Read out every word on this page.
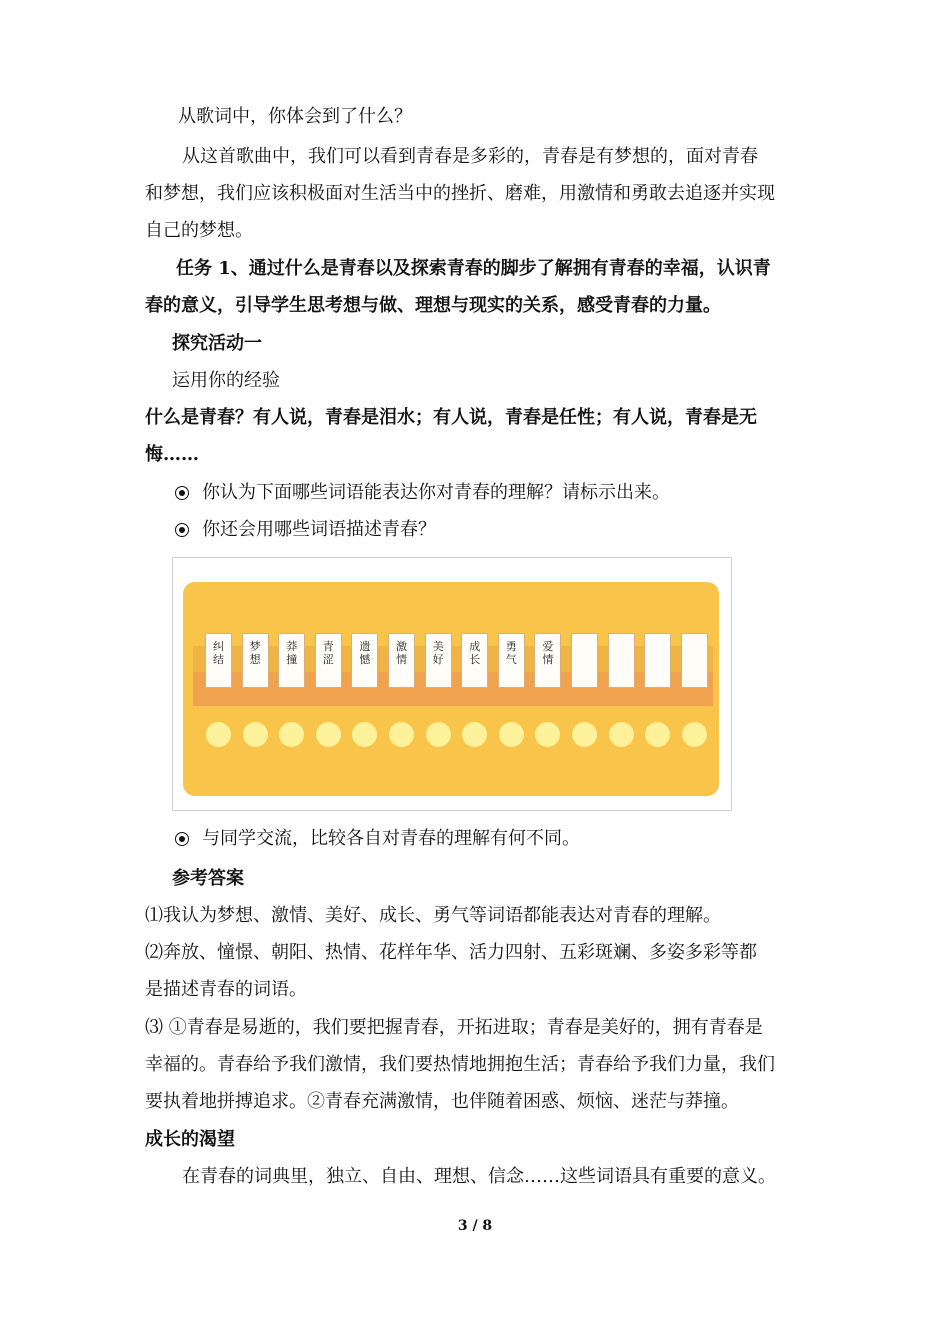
从歌词中，你体会到了什么？
从这首歌曲中，我们可以看到青春是多彩的，青春是有梦想的，面对青春
和梦想，我们应该积极面对生活当中的挫折、磨难，用激情和勇敢去追逐并实现
自己的梦想。
任务 1、通过什么是青春以及探索青春的脚步了解拥有青春的幸福，认识青
春的意义，引导学生思考想与做、理想与现实的关系，感受青春的力量。
探究活动一
运用你的经验
什么是青春？有人说，青春是泪水；有人说，青春是任性；有人说，青春是无
悔……
你认为下面哪些词语能表达你对青春的理解？请标示出来。
你还会用哪些词语描述青春？
纠
结
梦
想
莽
撞
青
涩
遗
憾
激
情
美
好
成
长
勇
气
爱
情
与同学交流，比较各自对青春的理解有何不同。
参考答案
⑴我认为梦想、激情、美好、成长、勇气等词语都能表达对青春的理解。
⑵奔放、憧憬、朝阳、热情、花样年华、活力四射、五彩斑斓、多姿多彩等都
是描述青春的词语。
⑶ ①青春是易逝的，我们要把握青春，开拓进取；青春是美好的，拥有青春是
幸福的。青春给予我们激情，我们要热情地拥抱生活；青春给予我们力量，我们
要执着地拼搏追求。②青春充满激情，也伴随着困惑、烦恼、迷茫与莽撞。
成长的渴望
在青春的词典里，独立、自由、理想、信念……这些词语具有重要的意义。
3 / 8
